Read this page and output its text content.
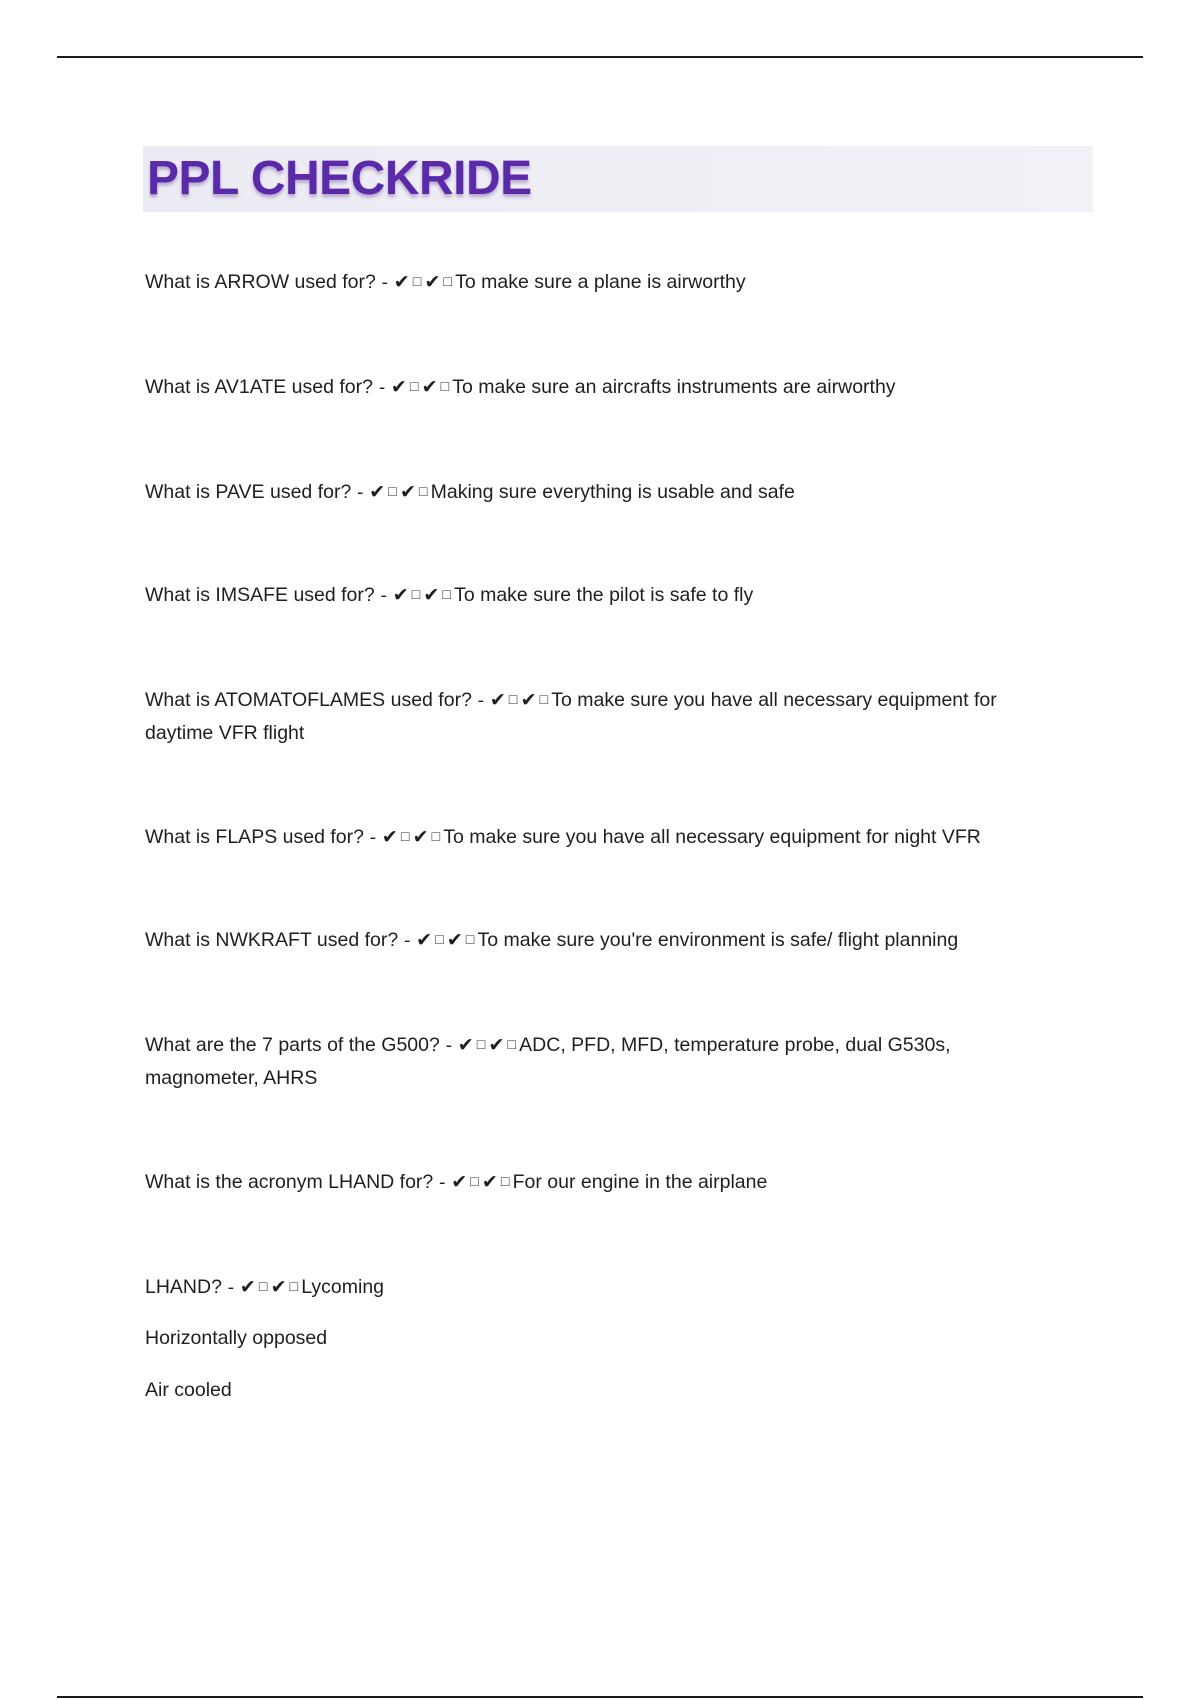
PPL CHECKRIDE
What is ARROW used for? - ✔ ☐ ✔ ☐ To make sure a plane is airworthy
What is AV1ATE used for? - ✔ ☐ ✔ ☐ To make sure an aircrafts instruments are airworthy
What is PAVE used for? - ✔ ☐ ✔ ☐ Making sure everything is usable and safe
What is IMSAFE used for? - ✔ ☐ ✔ ☐ To make sure the pilot is safe to fly
What is ATOMATOFLAMES used for? - ✔ ☐ ✔ ☐ To make sure you have all necessary equipment for daytime VFR flight
What is FLAPS used for? - ✔ ☐ ✔ ☐ To make sure you have all necessary equipment for night VFR
What is NWKRAFT used for? - ✔ ☐ ✔ ☐ To make sure you're environment is safe/ flight planning
What are the 7 parts of the G500? - ✔ ☐ ✔ ☐ ADC, PFD, MFD, temperature probe, dual G530s, magnometer, AHRS
What is the acronym LHAND for? - ✔ ☐ ✔ ☐ For our engine in the airplane
LHAND? - ✔ ☐ ✔ ☐ Lycoming
Horizontally opposed
Air cooled
